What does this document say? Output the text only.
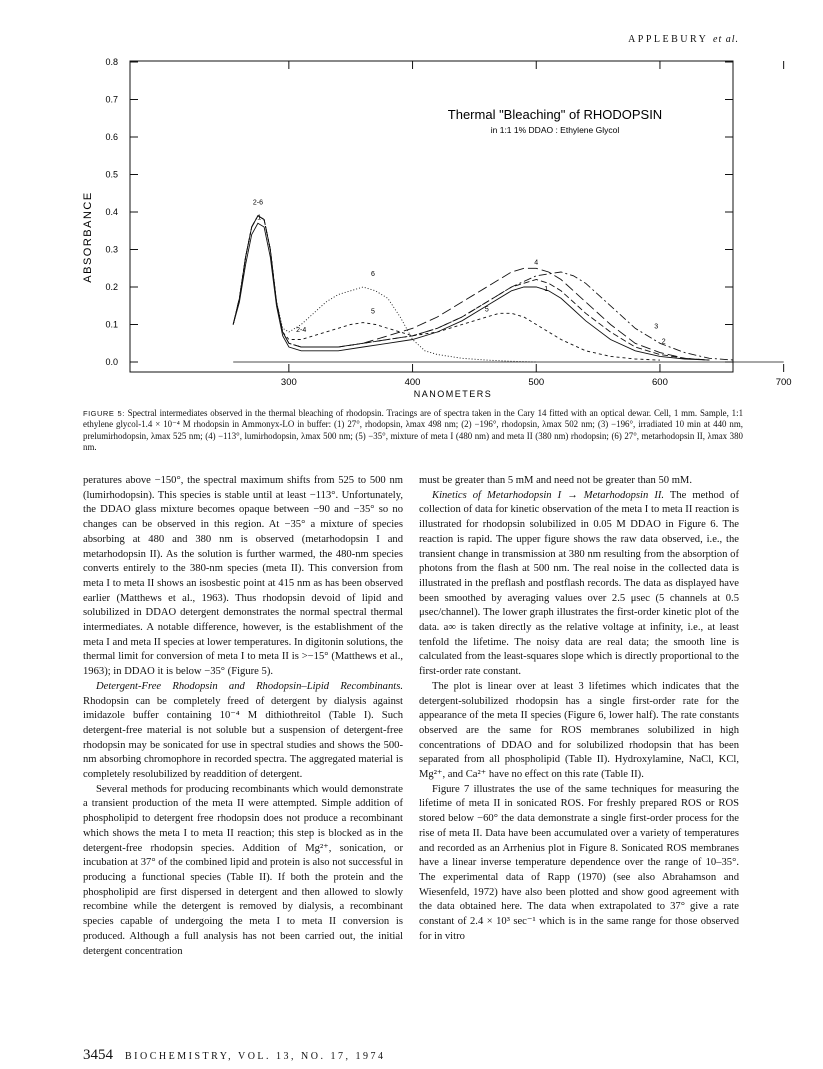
APPLEBURY et al.
0.0
0.1
0.2
0.3
0.4
0.5
0.6
0.7
0.8
300	400	500	600	700
2-6
1
6
5
2-4
4
1
5
3
2
Thermal "Bleaching" of RHODOPSIN
in 1:1 1% DDAO : Ethylene Glycol
NANOMETERS
ABSORBANCE
FIGURE 5: Spectral intermediates observed in the thermal bleaching of rhodopsin. Tracings are of spectra taken in the Cary 14 fitted with an optical dewar. Cell, 1 mm. Sample, 1:1 ethylene glycol-1.4 × 10⁻⁴ M rhodopsin in Ammonyx-LO in buffer: (1) 27°, rhodopsin, λmax 498 nm; (2) −196°, rhodopsin, λmax 502 nm; (3) −196°, irradiated 10 min at 440 nm, prelumirhodopsin, λmax 525 nm; (4) −113°, lumirhodopsin, λmax 500 nm; (5) −35°, mixture of meta I (480 nm) and meta II (380 nm) rhodopsin; (6) 27°, metarhodopsin II, λmax 380 nm.

peratures above −150°, the spectral maximum shifts from 525 to 500 nm (lumirhodopsin). This species is stable until at least −113°. Unfortunately, the DDAO glass mixture becomes opaque between −90 and −35° so no changes can be observed in this region. At −35° a mixture of species absorbing at 480 and 380 nm is observed (metarhodopsin I and metarhodopsin II). As the solution is further warmed, the 480-nm species converts entirely to the 380-nm species (meta II). This conversion from meta I to meta II shows an isosbestic point at 415 nm as has been observed earlier (Matthews et al., 1963). Thus rhodopsin devoid of lipid and solubilized in DDAO detergent demonstrates the normal spectral thermal intermediates. A notable difference, however, is the establishment of the meta I and meta II species at lower temperatures. In digitonin solutions, the thermal limit for conversion of meta I to meta II is >−15° (Matthews et al., 1963); in DDAO it is below −35° (Figure 5).

Detergent-Free Rhodopsin and Rhodopsin–Lipid Recombinants. Rhodopsin can be completely freed of detergent by dialysis against imidazole buffer containing 10⁻⁴ M dithiothreitol (Table I). Such detergent-free material is not soluble but a suspension of detergent-free rhodopsin may be sonicated for use in spectral studies and shows the 500-nm absorbing chromophore in recorded spectra. The aggregated material is completely resolubilized by readdition of detergent.

Several methods for producing recombinants which would demonstrate a transient production of the meta II were attempted. Simple addition of phospholipid to detergent free rhodopsin does not produce a recombinant which shows the meta I to meta II reaction; this step is blocked as in the detergent-free rhodopsin species. Addition of Mg²⁺, sonication, or incubation at 37° of the combined lipid and protein is also not successful in producing a functional species (Table II). If both the protein and the phospholipid are first dispersed in detergent and then allowed to slowly recombine while the detergent is removed by dialysis, a recombinant species capable of undergoing the meta I to meta II conversion is produced. Although a full analysis has not been carried out, the initial detergent concentration

must be greater than 5 mM and need not be greater than 50 mM.

Kinetics of Metarhodopsin I → Metarhodopsin II. The method of collection of data for kinetic observation of the meta I to meta II reaction is illustrated for rhodopsin solubilized in 0.05 M DDAO in Figure 6. The reaction is rapid. The upper figure shows the raw data observed, i.e., the transient change in transmission at 380 nm resulting from the absorption of photons from the flash at 500 nm. The real noise in the collected data is illustrated in the preflash and postflash records. The data as displayed have been smoothed by averaging values over 2.5 μsec (5 channels at 0.5 μsec/channel). The lower graph illustrates the first-order kinetic plot of the data. a∞ is taken directly as the relative voltage at infinity, i.e., at least tenfold the lifetime. The noisy data are real data; the smooth line is calculated from the least-squares slope which is directly proportional to the first-order rate constant.

The plot is linear over at least 3 lifetimes which indicates that the detergent-solubilized rhodopsin has a single first-order rate for the appearance of the meta II species (Figure 6, lower half). The rate constants observed are the same for ROS membranes solubilized in high concentrations of DDAO and for solubilized rhodopsin that has been separated from all phospholipid (Table II). Hydroxylamine, NaCl, KCl, Mg²⁺, and Ca²⁺ have no effect on this rate (Table II).

Figure 7 illustrates the use of the same techniques for measuring the lifetime of meta II in sonicated ROS. For freshly prepared ROS or ROS stored below −60° the data demonstrate a single first-order process for the rise of meta II. Data have been accumulated over a variety of temperatures and recorded as an Arrhenius plot in Figure 8. Sonicated ROS membranes have a linear inverse temperature dependence over the range of 10–35°. The experimental data of Rapp (1970) (see also Abrahamson and Wiesenfeld, 1972) have also been plotted and show good agreement with the data obtained here. The data when extrapolated to 37° give a rate constant of 2.4 × 10³ sec⁻¹ which is in the same range for those observed for in vitro

3454 BIOCHEMISTRY, VOL. 13, NO. 17, 1974
